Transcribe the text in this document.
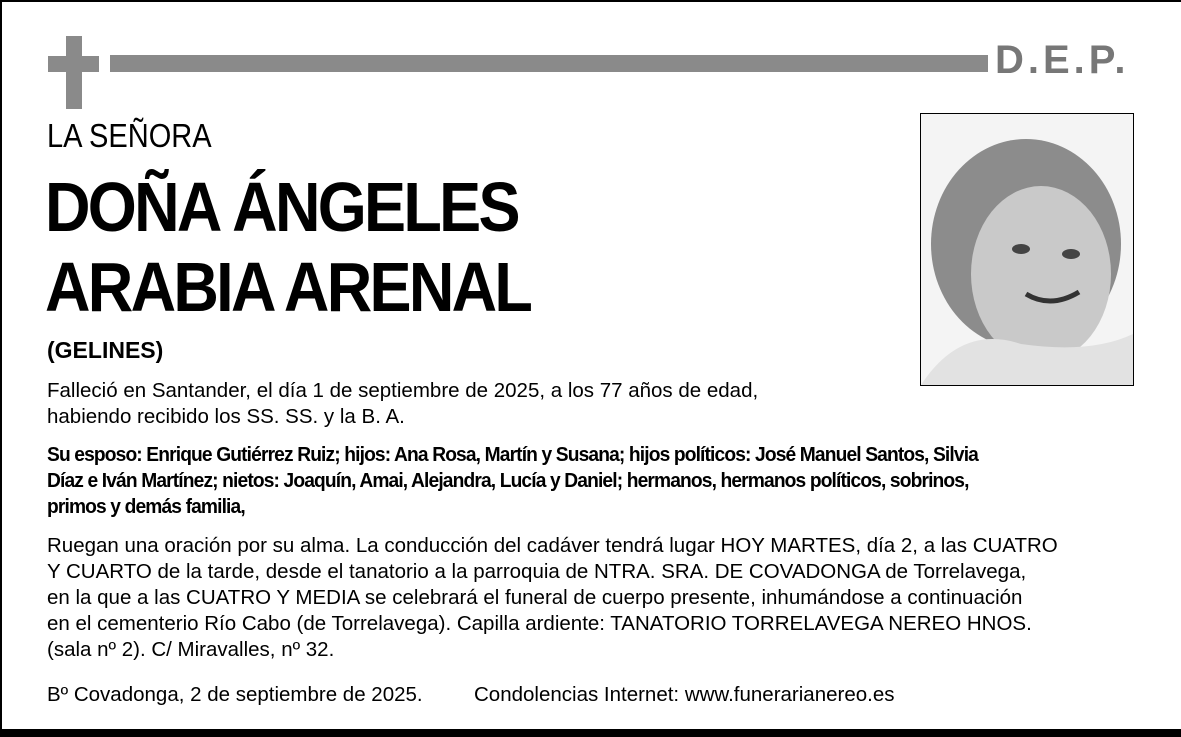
D.E.P.
LA SEÑORA
DOÑA ÁNGELES
ARABIA ARENAL
(GELINES)
Falleció en Santander, el día 1 de septiembre de 2025, a los 77 años de edad,
habiendo recibido los SS. SS. y la B. A.
Su esposo: Enrique Gutiérrez Ruiz; hijos: Ana Rosa, Martín y Susana; hijos políticos: José Manuel Santos, Silvia
Díaz e Iván Martínez; nietos: Joaquín, Amai, Alejandra, Lucía y Daniel; hermanos, hermanos políticos, sobrinos,
primos y demás familia,
Ruegan una oración por su alma. La conducción del cadáver tendrá lugar HOY MARTES, día 2, a las CUATRO
Y CUARTO de la tarde, desde el tanatorio a la parroquia de NTRA. SRA. DE COVADONGA de Torrelavega,
en la que a las CUATRO Y MEDIA se celebrará el funeral de cuerpo presente, inhumándose a continuación
en el cementerio Río Cabo (de Torrelavega). Capilla ardiente: TANATORIO TORRELAVEGA NEREO HNOS.
(sala nº 2). C/ Miravalles, nº 32.
Bº Covadonga, 2 de septiembre de 2025.	Condolencias Internet: www.funerarianereo.es
